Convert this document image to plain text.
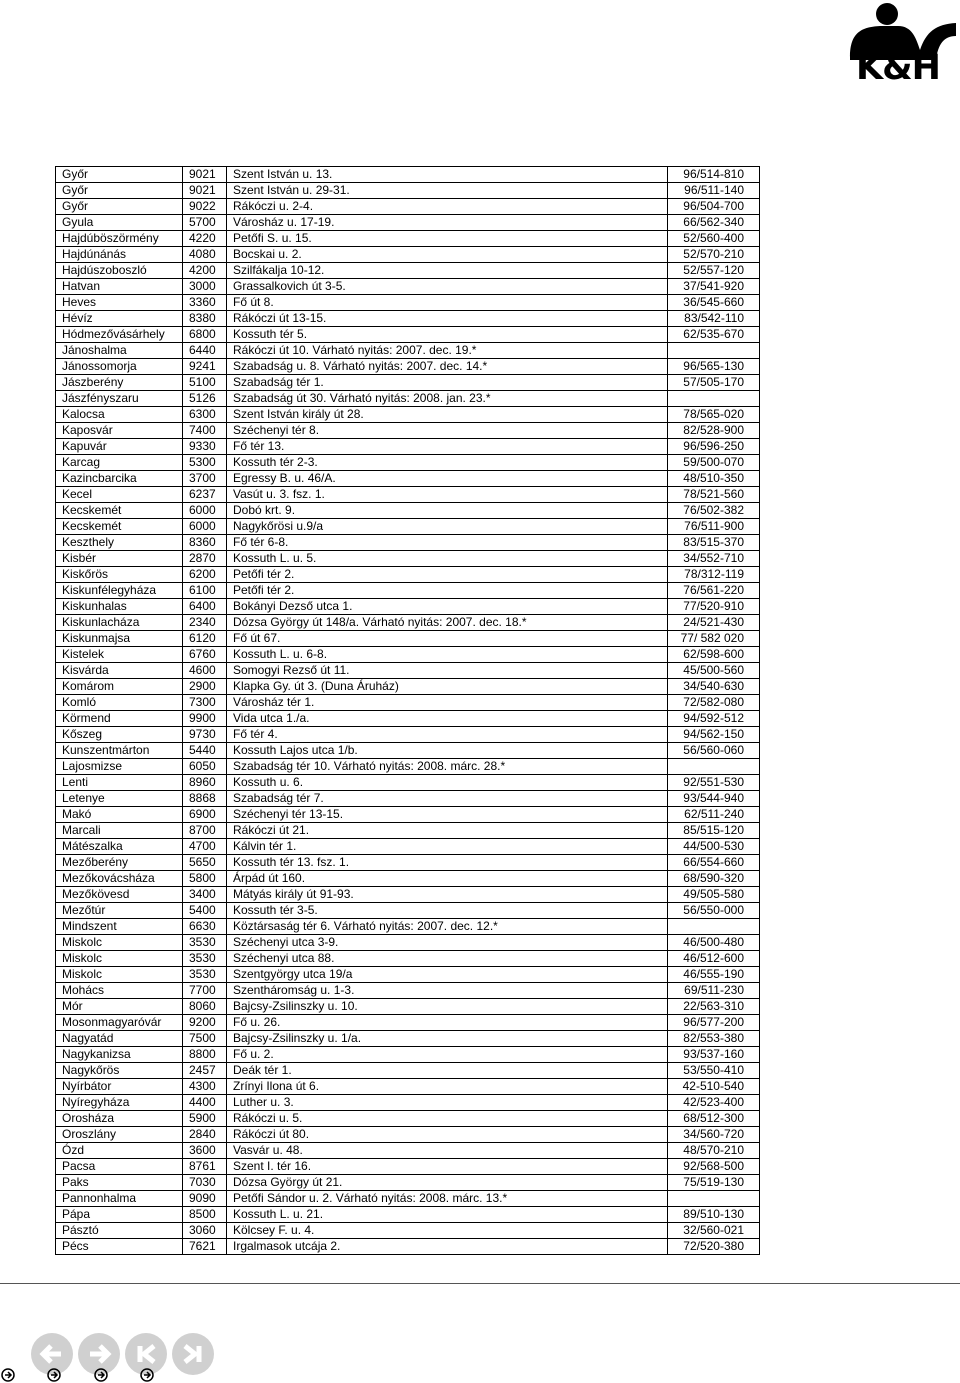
K&H
Győr	9021	Szent István u. 13.	96/514-810
Győr	9021	Szent István u. 29-31.	96/511-140
Győr	9022	Rákóczi u. 2-4.	96/504-700
Gyula	5700	Városház u. 17-19.	66/562-340
Hajdúböszörmény	4220	Petőfi S. u. 15.	52/560-400
Hajdúnánás	4080	Bocskai u. 2.	52/570-210
Hajdúszoboszló	4200	Szilfákalja 10-12.	52/557-120
Hatvan	3000	Grassalkovich út 3-5.	37/541-920
Heves	3360	Fő út 8.	36/545-660
Hévíz	8380	Rákóczi út 13-15.	83/542-110
Hódmezővásárhely	6800	Kossuth tér 5.	62/535-670
Jánoshalma	6440	Rákóczi út 10. Várható nyitás: 2007. dec. 19.*	
Jánossomorja	9241	Szabadság u. 8. Várható nyitás: 2007. dec. 14.*	96/565-130
Jászberény	5100	Szabadság tér 1.	57/505-170
Jászfényszaru	5126	Szabadság út 30. Várható nyitás: 2008. jan. 23.*	
Kalocsa	6300	Szent István király út 28.	78/565-020
Kaposvár	7400	Széchenyi tér 8.	82/528-900
Kapuvár	9330	Fő tér 13.	96/596-250
Karcag	5300	Kossuth tér 2-3.	59/500-070
Kazincbarcika	3700	Egressy B. u. 46/A.	48/510-350
Kecel	6237	Vasút u. 3. fsz. 1.	78/521-560
Kecskemét	6000	Dobó krt. 9.	76/502-382
Kecskemét	6000	Nagykőrösi u.9/a	76/511-900
Keszthely	8360	Fő tér 6-8.	83/515-370
Kisbér	2870	Kossuth L. u. 5.	34/552-710
Kiskőrös	6200	Petőfi tér 2.	78/312-119
Kiskunfélegyháza	6100	Petőfi tér 2.	76/561-220
Kiskunhalas	6400	Bokányi Dezső utca 1.	77/520-910
Kiskunlacháza	2340	Dózsa György út 148/a. Várható nyitás: 2007. dec. 18.*	24/521-430
Kiskunmajsa	6120	Fő út 67.	77/ 582 020
Kistelek	6760	Kossuth L. u. 6-8.	62/598-600
Kisvárda	4600	Somogyi Rezső út 11.	45/500-560
Komárom	2900	Klapka Gy. út 3. (Duna Áruház)	34/540-630
Komló	7300	Városház tér 1.	72/582-080
Körmend	9900	Vida utca 1./a.	94/592-512
Kőszeg	9730	Fő tér 4.	94/562-150
Kunszentmárton	5440	Kossuth Lajos utca 1/b.	56/560-060
Lajosmizse	6050	Szabadság tér 10. Várható nyitás: 2008. márc. 28.*	
Lenti	8960	Kossuth u. 6.	92/551-530
Letenye	8868	Szabadság tér 7.	93/544-940
Makó	6900	Széchenyi tér 13-15.	62/511-240
Marcali	8700	Rákóczi út 21.	85/515-120
Mátészalka	4700	Kálvin tér 1.	44/500-530
Mezőberény	5650	Kossuth tér 13. fsz. 1.	66/554-660
Mezőkovácsháza	5800	Árpád út 160.	68/590-320
Mezőkövesd	3400	Mátyás király út 91-93.	49/505-580
Mezőtúr	5400	Kossuth tér 3-5.	56/550-000
Mindszent	6630	Köztársaság tér 6. Várható nyitás: 2007. dec. 12.*	
Miskolc	3530	Széchenyi utca 3-9.	46/500-480
Miskolc	3530	Széchenyi utca 88.	46/512-600
Miskolc	3530	Szentgyörgy utca 19/a	46/555-190
Mohács	7700	Szentháromság u. 1-3.	69/511-230
Mór	8060	Bajcsy-Zsilinszky u. 10.	22/563-310
Mosonmagyaróvár	9200	Fő u. 26.	96/577-200
Nagyatád	7500	Bajcsy-Zsilinszky u. 1/a.	82/553-380
Nagykanizsa	8800	Fő u. 2.	93/537-160
Nagykőrös	2457	Deák tér 1.	53/550-410
Nyírbátor	4300	Zrínyi Ilona út 6.	42-510-540
Nyíregyháza	4400	Luther u. 3.	42/523-400
Orosháza	5900	Rákóczi u. 5.	68/512-300
Oroszlány	2840	Rákóczi út 80.	34/560-720
Ózd	3600	Vasvár u. 48.	48/570-210
Pacsa	8761	Szent I. tér 16.	92/568-500
Paks	7030	Dózsa György út 21.	75/519-130
Pannonhalma	9090	Petőfi Sándor u. 2. Várható nyitás: 2008. márc. 13.*	
Pápa	8500	Kossuth L. u. 21.	89/510-130
Pásztó	3060	Kölcsey F. u. 4.	32/560-021
Pécs	7621	Irgalmasok utcája 2.	72/520-380
